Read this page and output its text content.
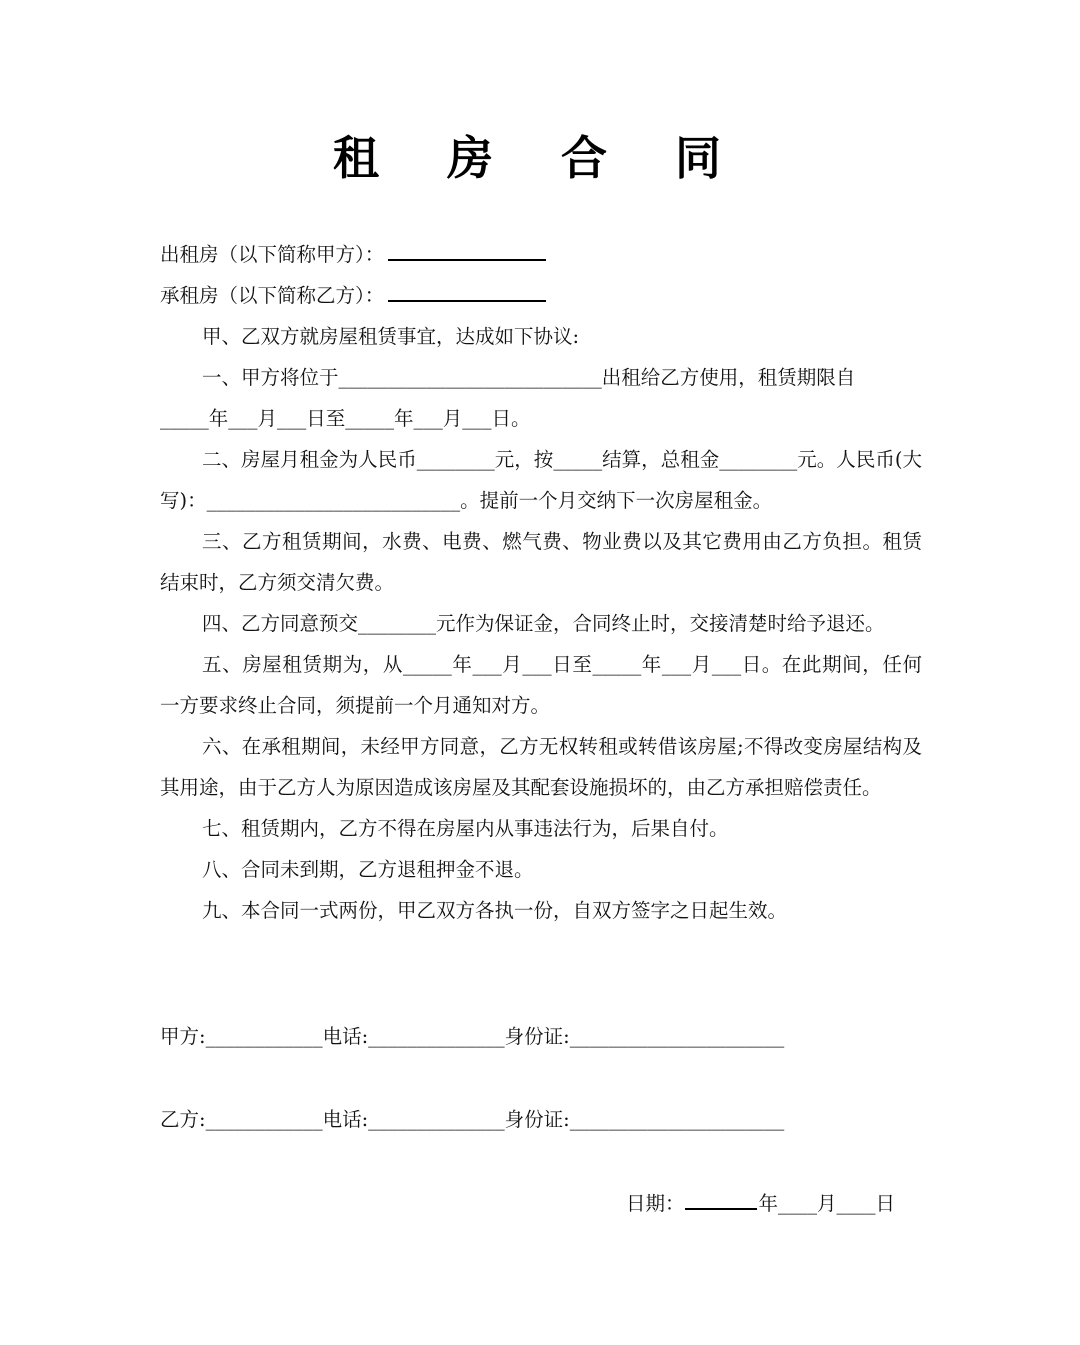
租 房 合 同
出租房（以下简称甲方）：
承租房（以下简称乙方）：
甲、乙双方就房屋租赁事宜，达成如下协议:
一、甲方将位于___________________________出租给乙方使用，租赁期限自
_____年___月___日至_____年___月___日。
二、房屋月租金为人民币________元，按_____结算，总租金________元。人民币(大写)：__________________________。提前一个月交纳下一次房屋租金。
三、乙方租赁期间，水费、电费、燃气费、物业费以及其它费用由乙方负担。租赁结束时，乙方须交清欠费。
四、乙方同意预交________元作为保证金，合同终止时，交接清楚时给予退还。
五、房屋租赁期为，从_____年___月___日至_____年___月___日。在此期间，任何一方要求终止合同，须提前一个月通知对方。
六、在承租期间，未经甲方同意，乙方无权转租或转借该房屋;不得改变房屋结构及其用途，由于乙方人为原因造成该房屋及其配套设施损坏的，由乙方承担赔偿责任。
七、租赁期内，乙方不得在房屋内从事违法行为，后果自付。
八、合同未到期，乙方退租押金不退。
九、本合同一式两份，甲乙双方各执一份，自双方签字之日起生效。
甲方:____________电话:______________身份证:______________________
乙方:____________电话:______________身份证:______________________
日期：	年____月____日
